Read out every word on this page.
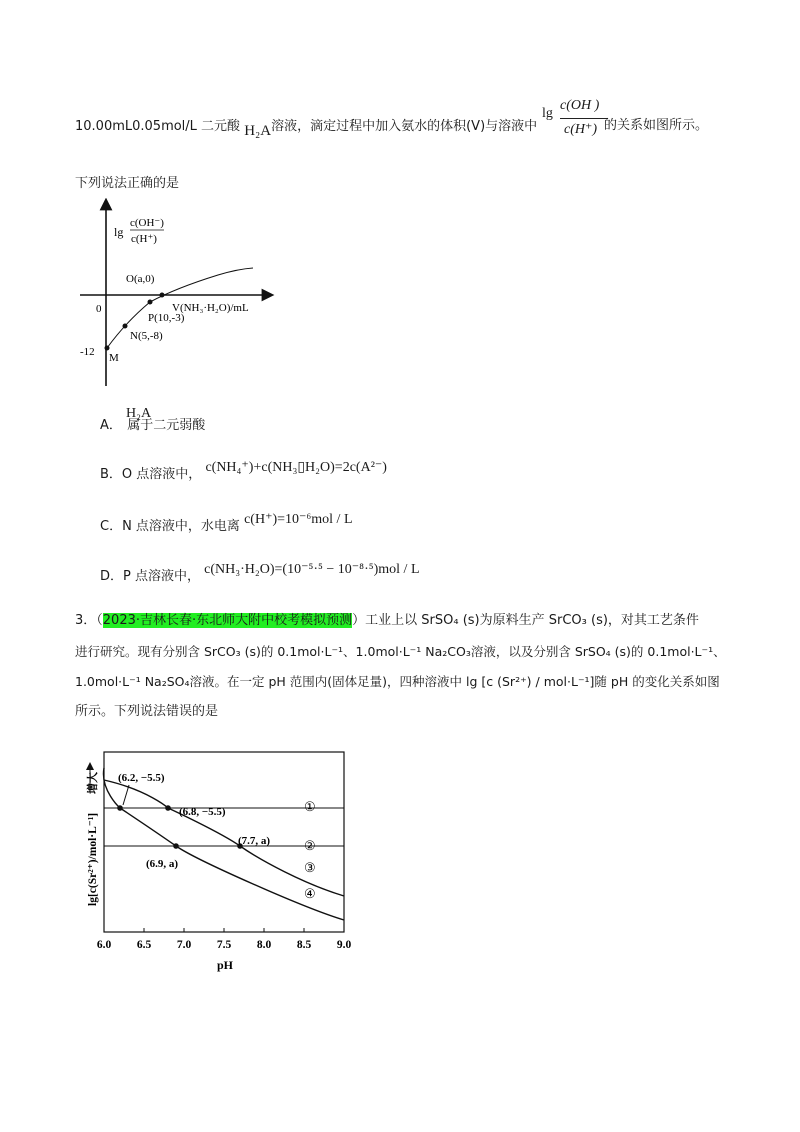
10.00mL0.05mol/L 二元酸 H₂A溶液，滴定过程中加入氨水的体积(V)与溶液中
lg
c(OH )
c(H⁺) 的关系如图所示。
下列说法正确的是
lg
c(OH⁻)
c(H⁺)
0
-12 M
N(5,-8)
P(10,-3)
O(a,0)
V(NH₃·H₂O)/mL
A． H₂A 属于二元弱酸
B．O 点溶液中， c(NH₄⁺)+c(NH₃▯H₂O)=2c(A²⁻)
C．N 点溶液中，水电离 c(H⁺)=10⁻⁶mol / L
D．P 点溶液中， c(NH₃·H₂O)=(10⁻⁵·⁵ − 10⁻⁸·⁵)mol / L
3．（2023·吉林长春·东北师大附中校考模拟预测）工业上以 SrSO₄ (s)为原料生产 SrCO₃ (s)，对其工艺条件
进行研究。现有分别含 SrCO₃ (s)的 0.1mol·L⁻¹、1.0mol·L⁻¹ Na₂CO₃溶液，以及分别含 SrSO₄ (s)的 0.1mol·L⁻¹、
1.0mol·L⁻¹ Na₂SO₄溶液。在一定 pH 范围内(固体足量)，四种溶液中 lg [c (Sr²⁺) / mol·L⁻¹]随 pH 的变化关系如图
所示。下列说法错误的是
lg[c(Sr²⁺)/mol·L⁻¹]
增大
pH
6.0 6.5 7.0 7.5 8.0 8.5 9.0
①
②
③
④
(6.2, −5.5)
(6.8, −5.5)
(7.7, a)
(6.9, a)
